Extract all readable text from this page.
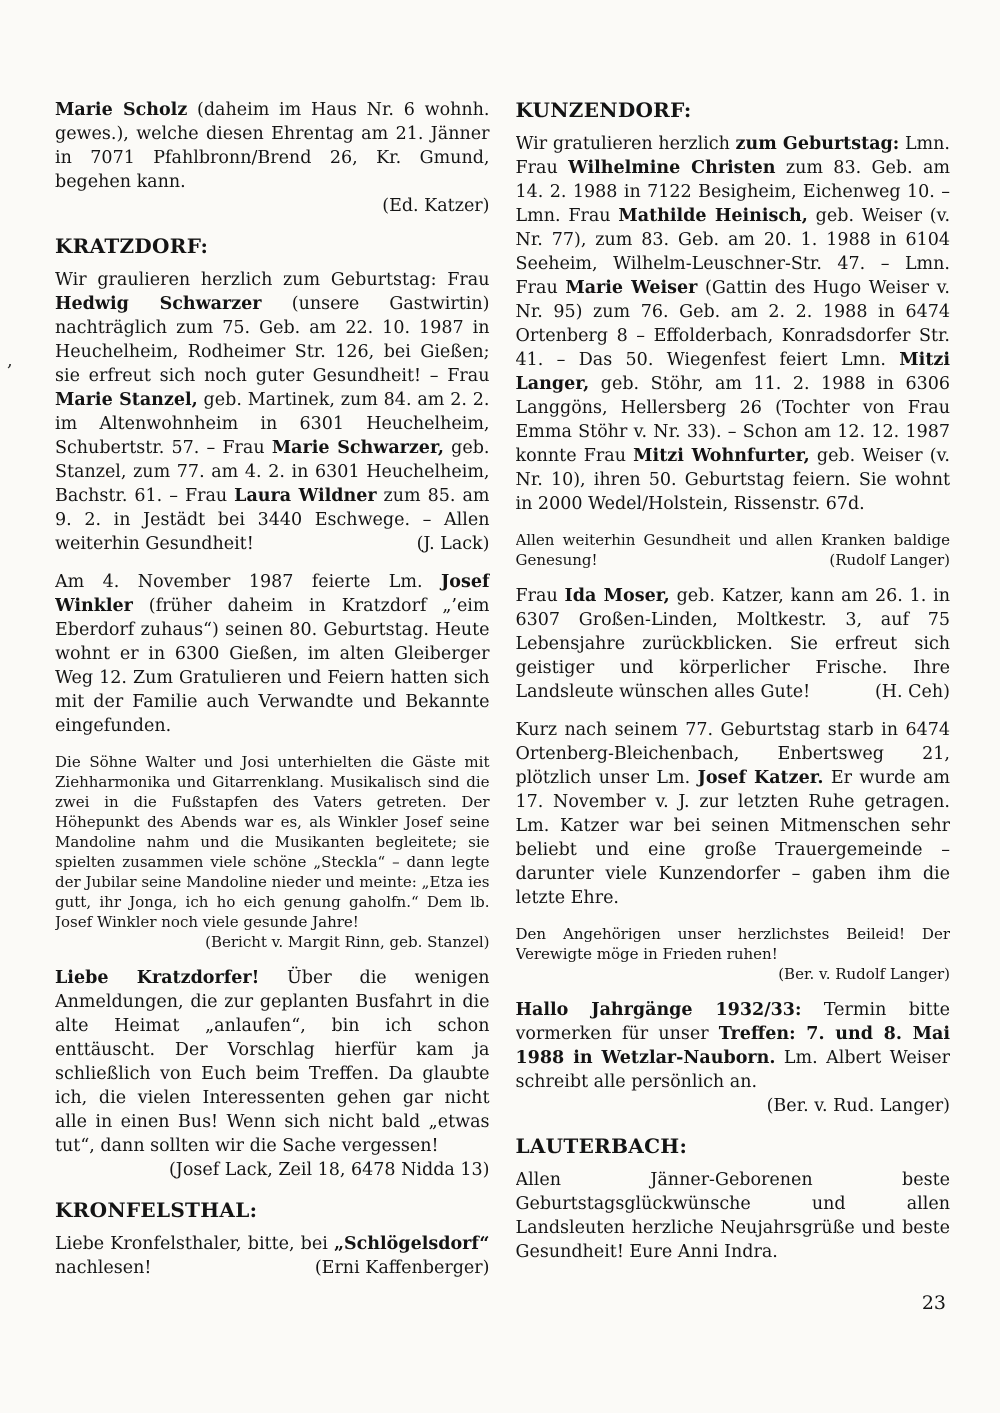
,

Marie Scholz (daheim im Haus Nr. 6 wohnh. gewes.), welche diesen Ehrentag am 21. Jänner in 7071 Pfahlbronn/Brend 26, Kr. Gmund, begehen kann.
(Ed. Katzer)

KRATZDORF:

Wir graulieren herzlich zum Geburtstag: Frau Hedwig Schwarzer (unsere Gastwirtin) nachträglich zum 75. Geb. am 22. 10. 1987 in Heuchelheim, Rodheimer Str. 126, bei Gießen; sie erfreut sich noch guter Gesundheit! – Frau Marie Stanzel, geb. Martinek, zum 84. am 2. 2. im Altenwohnheim in 6301 Heuchelheim, Schubertstr. 57. – Frau Marie Schwarzer, geb. Stanzel, zum 77. am 4. 2. in 6301 Heuchelheim, Bachstr. 61. – Frau Laura Wildner zum 85. am 9. 2. in Jestädt bei 3440 Eschwege. – Allen weiterhin Gesundheit!	(J. Lack)

Am 4. November 1987 feierte Lm. Josef Winkler (früher daheim in Kratzdorf „’eim Eberdorf zuhaus“) seinen 80. Geburtstag. Heute wohnt er in 6300 Gießen, im alten Gleiberger Weg 12. Zum Gratulieren und Feiern hatten sich mit der Familie auch Verwandte und Bekannte eingefunden.

Die Söhne Walter und Josi unterhielten die Gäste mit Ziehharmonika und Gitarrenklang. Musikalisch sind die zwei in die Fußstapfen des Vaters getreten. Der Höhepunkt des Abends war es, als Winkler Josef seine Mandoline nahm und die Musikanten begleitete; sie spielten zusammen viele schöne „Steckla“ – dann legte der Jubilar seine Mandoline nieder und meinte: „Etza ies gutt, ihr Jonga, ich ho eich genung gaholfn.“ Dem lb. Josef Winkler noch viele gesunde Jahre!
(Bericht v. Margit Rinn, geb. Stanzel)

Liebe Kratzdorfer! Über die wenigen Anmeldungen, die zur geplanten Busfahrt in die alte Heimat „anlaufen“, bin ich schon enttäuscht. Der Vorschlag hierfür kam ja schließlich von Euch beim Treffen. Da glaubte ich, die vielen Interessenten gehen gar nicht alle in einen Bus! Wenn sich nicht bald „etwas tut“, dann sollten wir die Sache vergessen!
(Josef Lack, Zeil 18, 6478 Nidda 13)

KRONFELSTHAL:

Liebe Kronfelsthaler, bitte, bei „Schlögelsdorf“ nachlesen!	(Erni Kaffenberger)

KUNZENDORF:

Wir gratulieren herzlich zum Geburtstag: Lmn. Frau Wilhelmine Christen zum 83. Geb. am 14. 2. 1988 in 7122 Besigheim, Eichenweg 10. – Lmn. Frau Mathilde Heinisch, geb. Weiser (v. Nr. 77), zum 83. Geb. am 20. 1. 1988 in 6104 Seeheim, Wilhelm-Leuschner-Str. 47. – Lmn. Frau Marie Weiser (Gattin des Hugo Weiser v. Nr. 95) zum 76. Geb. am 2. 2. 1988 in 6474 Ortenberg 8 – Effolderbach, Konradsdorfer Str. 41. – Das 50. Wiegenfest feiert Lmn. Mitzi Langer, geb. Stöhr, am 11. 2. 1988 in 6306 Langgöns, Hellersberg 26 (Tochter von Frau Emma Stöhr v. Nr. 33). – Schon am 12. 12. 1987 konnte Frau Mitzi Wohnfurter, geb. Weiser (v. Nr. 10), ihren 50. Geburtstag feiern. Sie wohnt in 2000 Wedel/Holstein, Rissenstr. 67d.

Allen weiterhin Gesundheit und allen Kranken baldige Genesung!	(Rudolf Langer)

Frau Ida Moser, geb. Katzer, kann am 26. 1. in 6307 Großen-Linden, Moltkestr. 3, auf 75 Lebensjahre zurückblicken. Sie erfreut sich geistiger und körperlicher Frische. Ihre Landsleute wünschen alles Gute!	(H. Ceh)

Kurz nach seinem 77. Geburtstag starb in 6474 Ortenberg-Bleichenbach, Enbertsweg 21, plötzlich unser Lm. Josef Katzer. Er wurde am 17. November v. J. zur letzten Ruhe getragen. Lm. Katzer war bei seinen Mitmenschen sehr beliebt und eine große Trauergemeinde – darunter viele Kunzendorfer – gaben ihm die letzte Ehre.

Den Angehörigen unser herzlichstes Beileid! Der Verewigte möge in Frieden ruhen!
(Ber. v. Rudolf Langer)

Hallo Jahrgänge 1932/33: Termin bitte vormerken für unser Treffen: 7. und 8. Mai 1988 in Wetzlar-Nauborn. Lm. Albert Weiser schreibt alle persönlich an.
(Ber. v. Rud. Langer)

LAUTERBACH:

Allen Jänner-Geborenen beste Geburtstagsglückwünsche und allen Landsleuten herzliche Neujahrsgrüße und beste Gesundheit! Eure Anni Indra.

23
